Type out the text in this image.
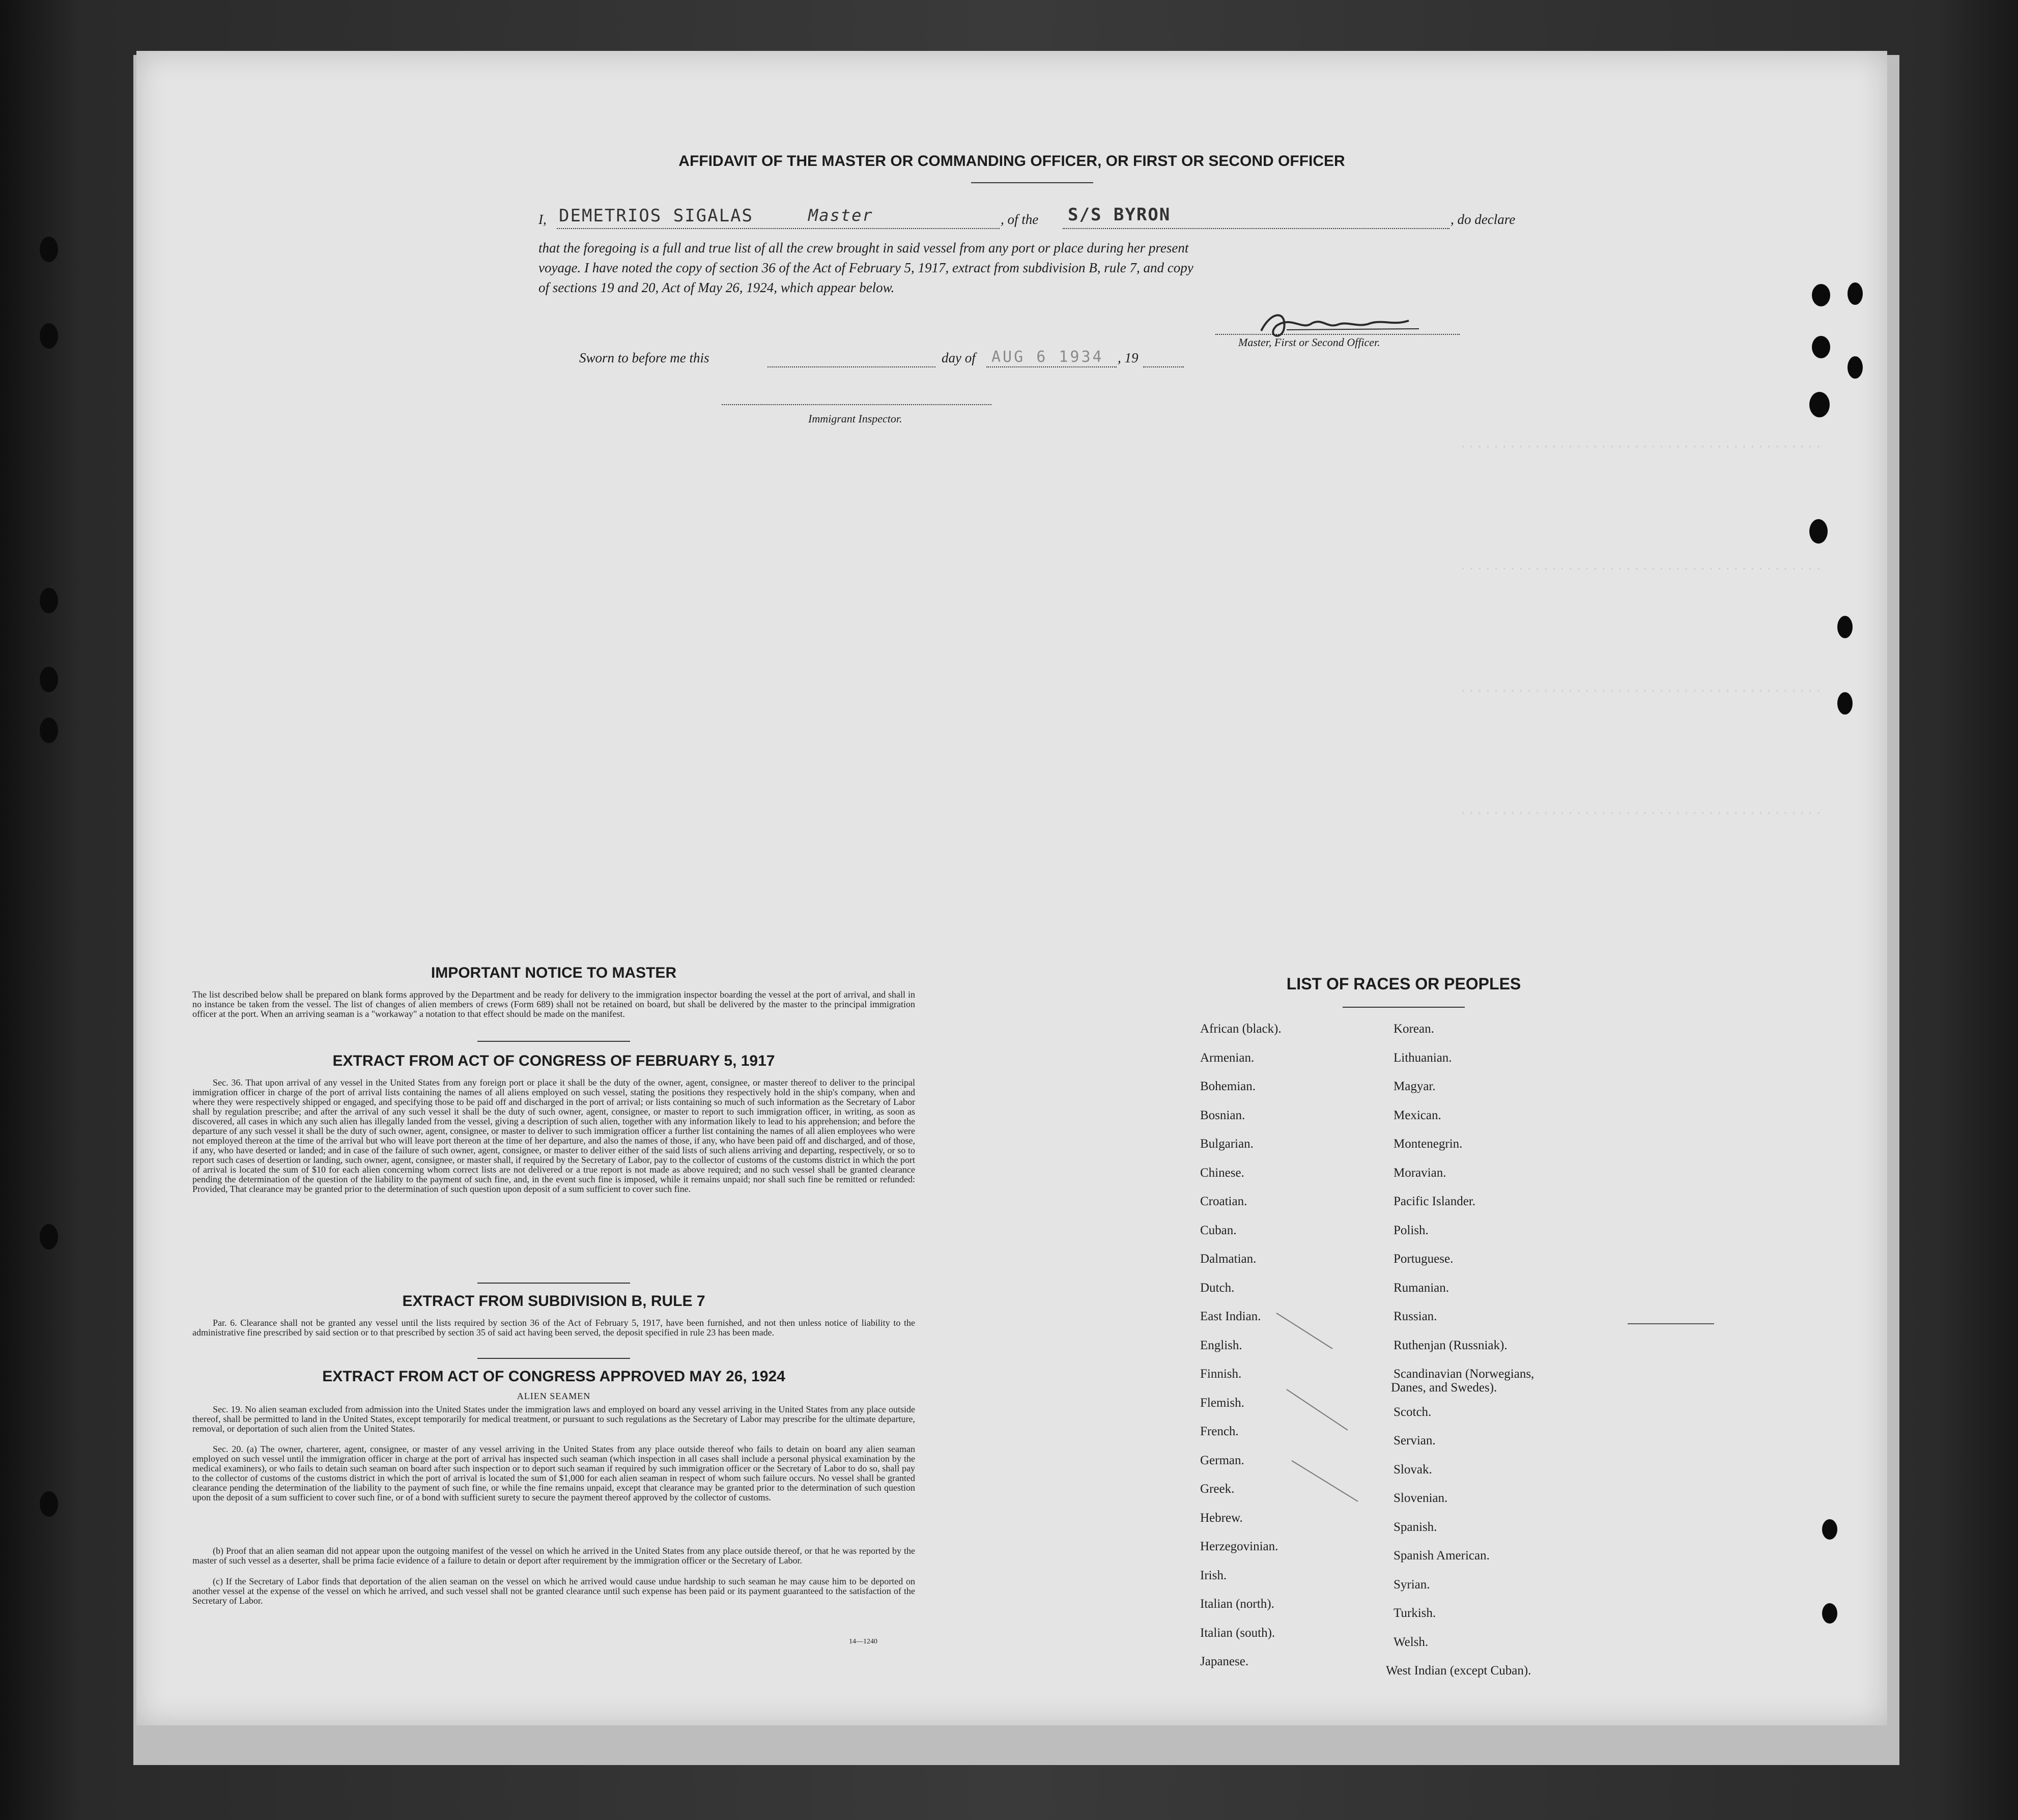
............................................
............................................
............................................
............................................
AFFIDAVIT OF THE MASTER OR COMMANDING OFFICER, OR FIRST OR SECOND OFFICER
I, DEMETRIOS SIGALAS	Master	, of the S/S BYRON	, do declare
that the foregoing is a full and true list of all the crew brought in said vessel from any port or place during her present
voyage. I have noted the copy of section 36 of the Act of February 5, 1917, extract from subdivision B, rule 7, and copy
of sections 19 and 20, Act of May 26, 1924, which appear below.
Master, First or Second Officer.
Sworn to before me this	day of AUG 6 1934 , 19
Immigrant Inspector.
IMPORTANT NOTICE TO MASTER
The list described below shall be prepared on blank forms approved by the Department and be ready for delivery to the immigration inspector boarding the vessel at the port of arrival, and shall in no instance be taken from the vessel. The list of changes of alien members of crews (Form 689) shall not be retained on board, but shall be delivered by the master to the principal immigration officer at the port. When an arriving seaman is a "workaway" a notation to that effect should be made on the manifest.
EXTRACT FROM ACT OF CONGRESS OF FEBRUARY 5, 1917
Sec. 36. That upon arrival of any vessel in the United States from any foreign port or place it shall be the duty of the owner, agent, consignee, or master thereof to deliver to the principal immigration officer in charge of the port of arrival lists containing the names of all aliens employed on such vessel, stating the positions they respectively hold in the ship's company, when and where they were respectively shipped or engaged, and specifying those to be paid off and discharged in the port of arrival; or lists containing so much of such information as the Secretary of Labor shall by regulation prescribe; and after the arrival of any such vessel it shall be the duty of such owner, agent, consignee, or master to report to such immigration officer, in writing, as soon as discovered, all cases in which any such alien has illegally landed from the vessel, giving a description of such alien, together with any information likely to lead to his apprehension; and before the departure of any such vessel it shall be the duty of such owner, agent, consignee, or master to deliver to such immigration officer a further list containing the names of all alien employees who were not employed thereon at the time of the arrival but who will leave port thereon at the time of her departure, and also the names of those, if any, who have been paid off and discharged, and of those, if any, who have deserted or landed; and in case of the failure of such owner, agent, consignee, or master to deliver either of the said lists of such aliens arriving and departing, respectively, or so to report such cases of desertion or landing, such owner, agent, consignee, or master shall, if required by the Secretary of Labor, pay to the collector of customs of the customs district in which the port of arrival is located the sum of $10 for each alien concerning whom correct lists are not delivered or a true report is not made as above required; and no such vessel shall be granted clearance pending the determination of the question of the liability to the payment of such fine, and, in the event such fine is imposed, while it remains unpaid; nor shall such fine be remitted or refunded: Provided, That clearance may be granted prior to the determination of such question upon deposit of a sum sufficient to cover such fine.
EXTRACT FROM SUBDIVISION B, RULE 7
Par. 6. Clearance shall not be granted any vessel until the lists required by section 36 of the Act of February 5, 1917, have been furnished, and not then unless notice of liability to the administrative fine prescribed by said section or to that prescribed by section 35 of said act having been served, the deposit specified in rule 23 has been made.
EXTRACT FROM ACT OF CONGRESS APPROVED MAY 26, 1924
ALIEN SEAMEN
Sec. 19. No alien seaman excluded from admission into the United States under the immigration laws and employed on board any vessel arriving in the United States from any place outside thereof, shall be permitted to land in the United States, except temporarily for medical treatment, or pursuant to such regulations as the Secretary of Labor may prescribe for the ultimate departure, removal, or deportation of such alien from the United States.
Sec. 20. (a) The owner, charterer, agent, consignee, or master of any vessel arriving in the United States from any place outside thereof who fails to detain on board any alien seaman employed on such vessel until the immigration officer in charge at the port of arrival has inspected such seaman (which inspection in all cases shall include a personal physical examination by the medical examiners), or who fails to detain such seaman on board after such inspection or to deport such seaman if required by such immigration officer or the Secretary of Labor to do so, shall pay to the collector of customs of the customs district in which the port of arrival is located the sum of $1,000 for each alien seaman in respect of whom such failure occurs. No vessel shall be granted clearance pending the determination of the liability to the payment of such fine, or while the fine remains unpaid, except that clearance may be granted prior to the determination of such question upon the deposit of a sum sufficient to cover such fine, or of a bond with sufficient surety to secure the payment thereof approved by the collector of customs.
(b) Proof that an alien seaman did not appear upon the outgoing manifest of the vessel on which he arrived in the United States from any place outside thereof, or that he was reported by the master of such vessel as a deserter, shall be prima facie evidence of a failure to detain or deport after requirement by the immigration officer or the Secretary of Labor.
(c) If the Secretary of Labor finds that deportation of the alien seaman on the vessel on which he arrived would cause undue hardship to such seaman he may cause him to be deported on another vessel at the expense of the vessel on which he arrived, and such vessel shall not be granted clearance until such expense has been paid or its payment guaranteed to the satisfaction of the Secretary of Labor.
14—1240
LIST OF RACES OR PEOPLES
African (black).
Armenian.
Bohemian.
Bosnian.
Bulgarian.
Chinese.
Croatian.
Cuban.
Dalmatian.
Dutch.
East Indian.
English.
Finnish.
Flemish.
French.
German.
Greek.
Hebrew.
Herzegovinian.
Irish.
Italian (north).
Italian (south).
Japanese.
Korean.
Lithuanian.
Magyar.
Mexican.
Montenegrin.
Moravian.
Pacific Islander.
Polish.
Portuguese.
Rumanian.
Russian.
Ruthenjan (Russniak).
Scandinavian (Norwegians,
Scotch.
Servian.
Slovak.
Slovenian.
Spanish.
Spanish American.
Syrian.
Turkish.
Welsh.
West Indian (except Cuban).
Danes, and Swedes).
